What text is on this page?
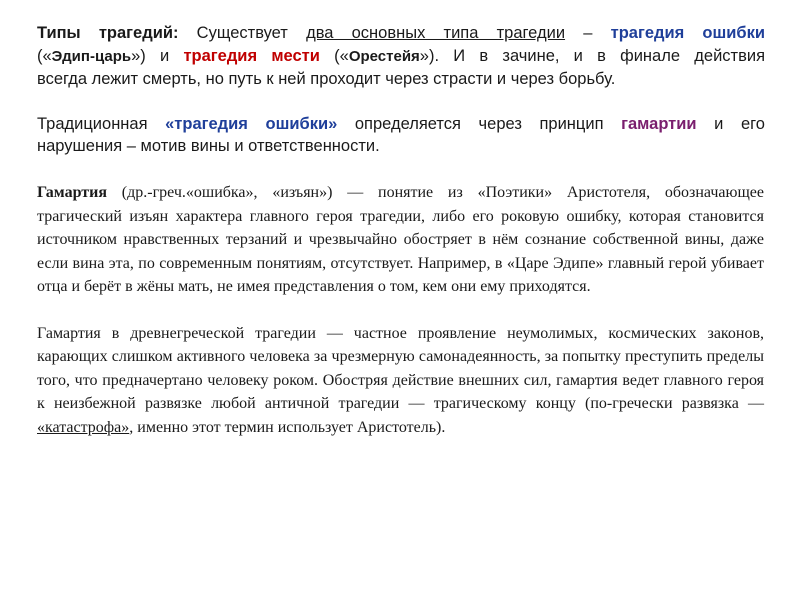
Типы трагедий: Существует два основных типа трагедии – трагедия ошибки

(«Эдип-царь») и трагедия мести («Орестейя»). И в зачине, и в финале действия

всегда лежит смерть, но путь к ней проходит через страсти и через борьбу.

Традиционная «трагедия ошибки» определяется через принцип гамартии и его

нарушения – мотив вины и ответственности.

Гамартия (др.-греч.«ошибка», «изъян») — понятие из «Поэтики» Аристотеля, обозначающее трагический изъян характера главного героя трагедии, либо его роковую ошибку, которая становится источником нравственных терзаний и чрезвычайно обостряет в нём сознание собственной вины, даже если вина эта, по современным понятиям, отсутствует. Например, в «Царе Эдипе» главный герой убивает отца и берёт в жёны мать, не имея представления о том, кем они ему приходятся.

Гамартия в древнегреческой трагедии — частное проявление неумолимых, космических законов, карающих слишком активного человека за чрезмерную самонадеянность, за попытку преступить пределы того, что предначертано человеку роком. Обостряя действие внешних сил, гамартия ведет главного героя к неизбежной развязке любой античной трагедии — трагическому концу (по-гречески развязка — «катастрофа», именно этот термин использует Аристотель).
